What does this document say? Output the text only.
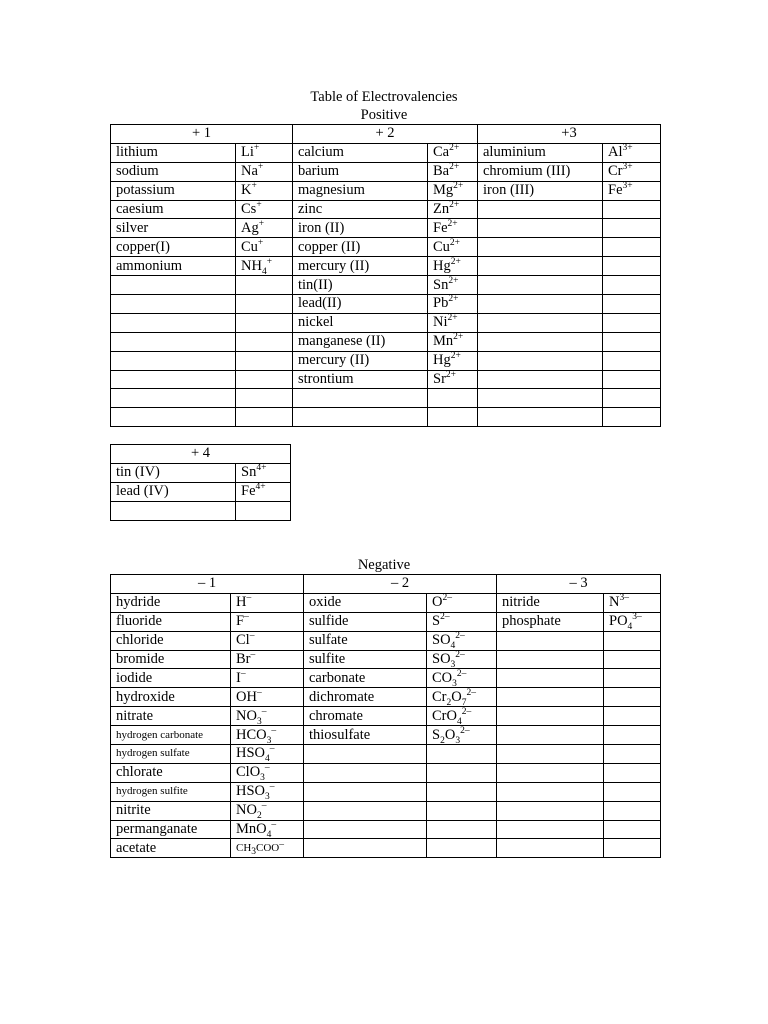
Table of Electrovalencies
Positive
+ 1		+ 2		+3	
lithium	Li+	calcium	$Ca^{2+}$	aluminium	$Al^{3+}$
sodium	Na+	barium	$Ba^{2+}$	chromium (III)	$Cr^{3+}$
potassium	K+	magnesium	$Mg^{2+}$	iron (III)	$Fe^{3+}$
caesium	Cs+	zinc	$Zn^{2+}$		
silver	Ag+	iron (II)	$Fe^{2+}$		
copper(I)	Cu+	copper (II)	$Cu^{2+}$		
ammonium	$NH_4^+$	mercury (II)	$Hg^{2+}$		
		tin(II)	$Sn^{2+}$		
		lead(II)	$Pb^{2+}$		
		nickel	$Ni^{2+}$		
		manganese (II)	$Mn^{2+}$		
		mercury (II)	$Hg^{2+}$		
		strontium	$Sr^{2+}$		

+ 4	
tin (IV)	$Sn^{4+}$
lead (IV)	$Fe^{4+}$

Negative
– 1		– 2		– 3	
hydride	H–	oxide	$O^{2-}$	nitride	$N^{3-}$
fluoride	F–	sulfide	$S^{2-}$	phosphate	$PO_4^{3-}$
chloride	Cl–	sulfate	$SO_4^{2-}$		
bromide	Br–	sulfite	$SO_3^{2-}$		
iodide	I–	carbonate	$CO_3^{2-}$		
hydroxide	OH–	dichromate	$Cr_2O_7^{2-}$		
nitrate	$NO_3^-$	chromate	CrO$_4^{2-}$		
hydrogen carbonate	$HCO_3^-$	thiosulfate	$S_2O_3^{2-}$		
hydrogen sulfate	$HSO_4^-$				
chlorate	ClO$_3$–				
hydrogen sulfite	$HSO_3^-$				
nitrite	$NO_2^-$				
permanganate	MnO$_4$–				
acetate	CH3COO–				
